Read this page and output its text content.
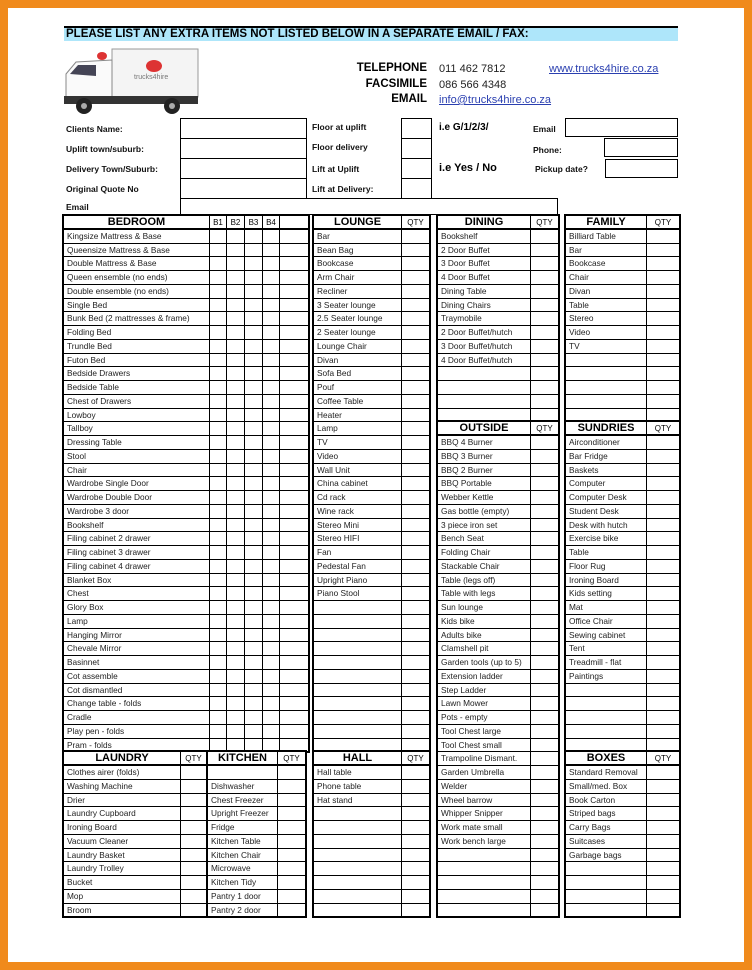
PLEASE LIST ANY EXTRA ITEMS NOT LISTED BELOW IN A SEPARATE EMAIL / FAX:
trucks4hire
TELEPHONE
FACSIMILE
EMAIL
011 462 7812
086 566 4348
info@trucks4hire.co.za
www.trucks4hire.co.za
Clients Name:
Uplift town/suburb:
Delivery Town/Suburb:
Original Quote No
Email
Floor at uplift
Floor delivery
Lift at Uplift
Lift at Delivery:
i.e G/1/2/3/
i.e Yes / No
Email
Phone:
Pickup date?
BEDROOM	B1 B2	B3 B4
Kingsize Mattress & Base
Queensize Mattress & Base
Double Mattress & Base
Queen ensemble (no ends)
Double ensemble (no ends)
Single Bed
Bunk Bed (2 mattresses & frame)
Folding Bed
Trundle Bed
Futon Bed
Bedside Drawers
Bedside Table
Chest of Drawers
Lowboy
Tallboy
Dressing Table
Stool
Chair
Wardrobe Single Door
Wardrobe Double Door
Wardrobe 3 door
Bookshelf
Filing cabinet 2 drawer
Filing cabinet 3 drawer
Filing cabinet 4 drawer
Blanket Box
Chest
Glory Box
Lamp
Hanging Mirror
Chevale Mirror
Basinnet
Cot assemble
Cot dismantled
Change table - folds
Cradle
Play pen - folds
Pram - folds
LAUNDRY	QTY	KITCHEN	QTY
Clothes airer (folds)
Washing Machine	Dishwasher
Drier	Chest Freezer
Laundry Cupboard	Upright Freezer
Ironing Board	Fridge
Vacuum Cleaner	Kitchen Table
Laundry Basket	Kitchen Chair
Laundry Trolley	Microwave
Bucket	Kitchen Tidy
Mop	Pantry 1 door
Broom	Pantry 2 door
LOUNGE	QTY
Bar
Bean Bag
Bookcase
Arm Chair
Recliner
3 Seater lounge
2.5 Seater lounge
2 Seater lounge
Lounge Chair
Divan
Sofa Bed
Pouf
Coffee Table
Heater
Lamp
TV
Video
Wall Unit
China cabinet
Cd rack
Wine rack
Stereo Mini
Stereo HIFI
Fan
Pedestal Fan
Upright Piano
Piano Stool
HALL	QTY
Hall table
Phone table
Hat stand
DINING	QTY
Bookshelf
2 Door Buffet
3 Door Buffet
4 Door Buffet
Dining Table
Dining Chairs
Traymobile
2 Door Buffet/hutch
3 Door Buffet/hutch
4 Door Buffet/hutch
OUTSIDE	QTY
BBQ 4 Burner
BBQ 3 Burner
BBQ 2 Burner
BBQ Portable
Webber Kettle
Gas bottle (empty)
3 piece iron set
Bench Seat
Folding Chair
Stackable Chair
Table (legs off)
Table with legs
Sun lounge
Kids bike
Adults bike
Clamshell pit
Garden tools (up to 5)
Extension ladder
Step Ladder
Lawn Mower
Pots - empty
Tool Chest large
Tool Chest small
Trampoline Dismant.
Garden Umbrella
Welder
Wheel barrow
Whipper Snipper
Work mate small
Work bench large
FAMILY	QTY
Billiard Table
Bar
Bookcase
Chair
Divan
Table
Stereo
Video
TV
SUNDRIES	QTY
Airconditioner
Bar Fridge
Baskets
Computer
Computer Desk
Student Desk
Desk with hutch
Exercise bike
Table
Floor Rug
Ironing Board
Kids setting
Mat
Office Chair
Sewing cabinet
Tent
Treadmill - flat
Paintings
BOXES	QTY
Standard Removal
Small/med. Box
Book Carton
Striped bags
Carry Bags
Suitcases
Garbage bags
